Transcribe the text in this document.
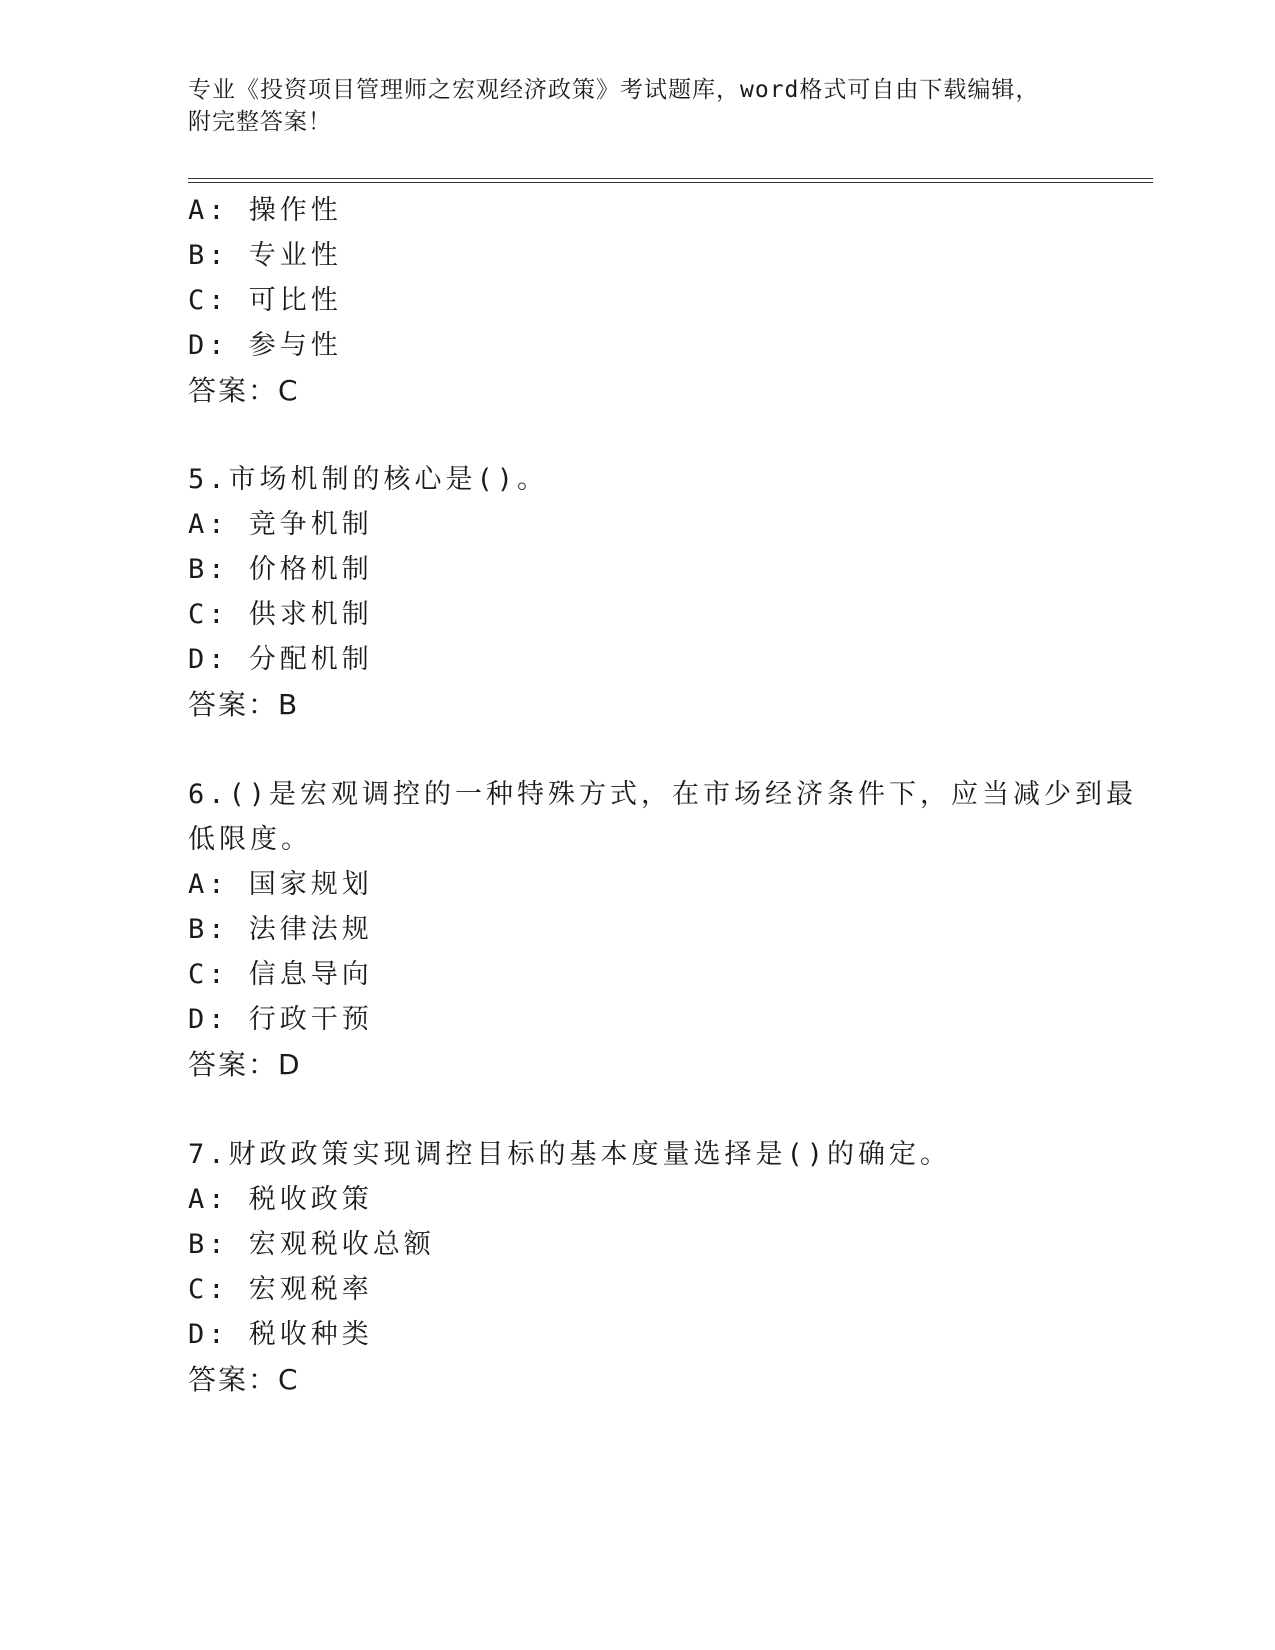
专业《投资项目管理师之宏观经济政策》考试题库，word格式可自由下载编辑，
附完整答案！
A: 操作性
B: 专业性
C: 可比性
D: 参与性
答案：C
5.市场机制的核心是()。
A: 竞争机制
B: 价格机制
C: 供求机制
D: 分配机制
答案：B
6.()是宏观调控的一种特殊方式，在市场经济条件下，应当减少到最
低限度。
A: 国家规划
B: 法律法规
C: 信息导向
D: 行政干预
答案：D
7.财政政策实现调控目标的基本度量选择是()的确定。
A: 税收政策
B: 宏观税收总额
C: 宏观税率
D: 税收种类
答案：C
